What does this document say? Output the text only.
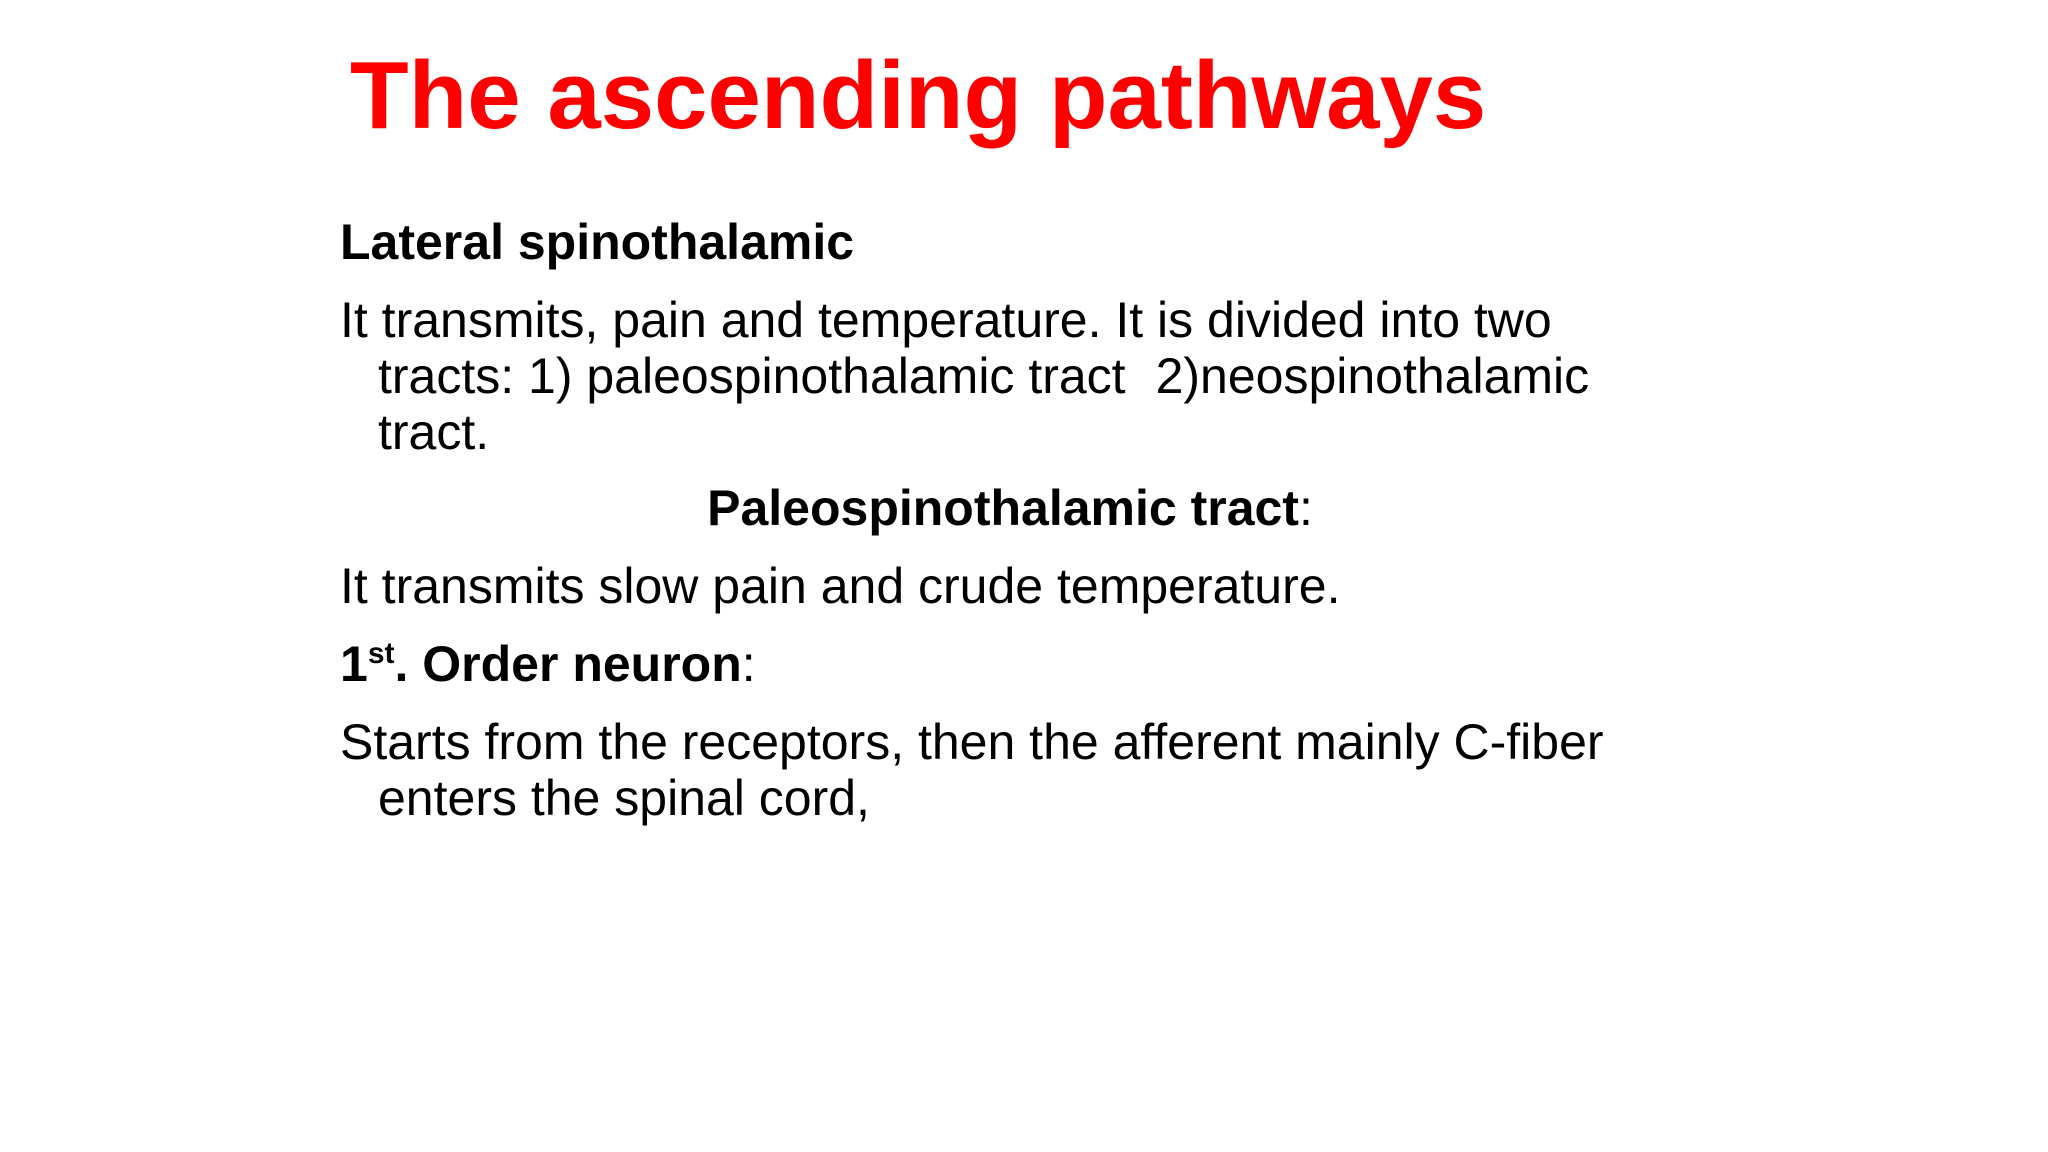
The ascending pathways

Lateral spinothalamic

It transmits, pain and temperature. It is divided into two
tracts: 1) paleospinothalamic tract 2)neospinothalamic
tract.

Paleospinothalamic tract:

It transmits slow pain and crude temperature.

1st. Order neuron:

Starts from the receptors, then the afferent mainly C-fiber
enters the spinal cord,
